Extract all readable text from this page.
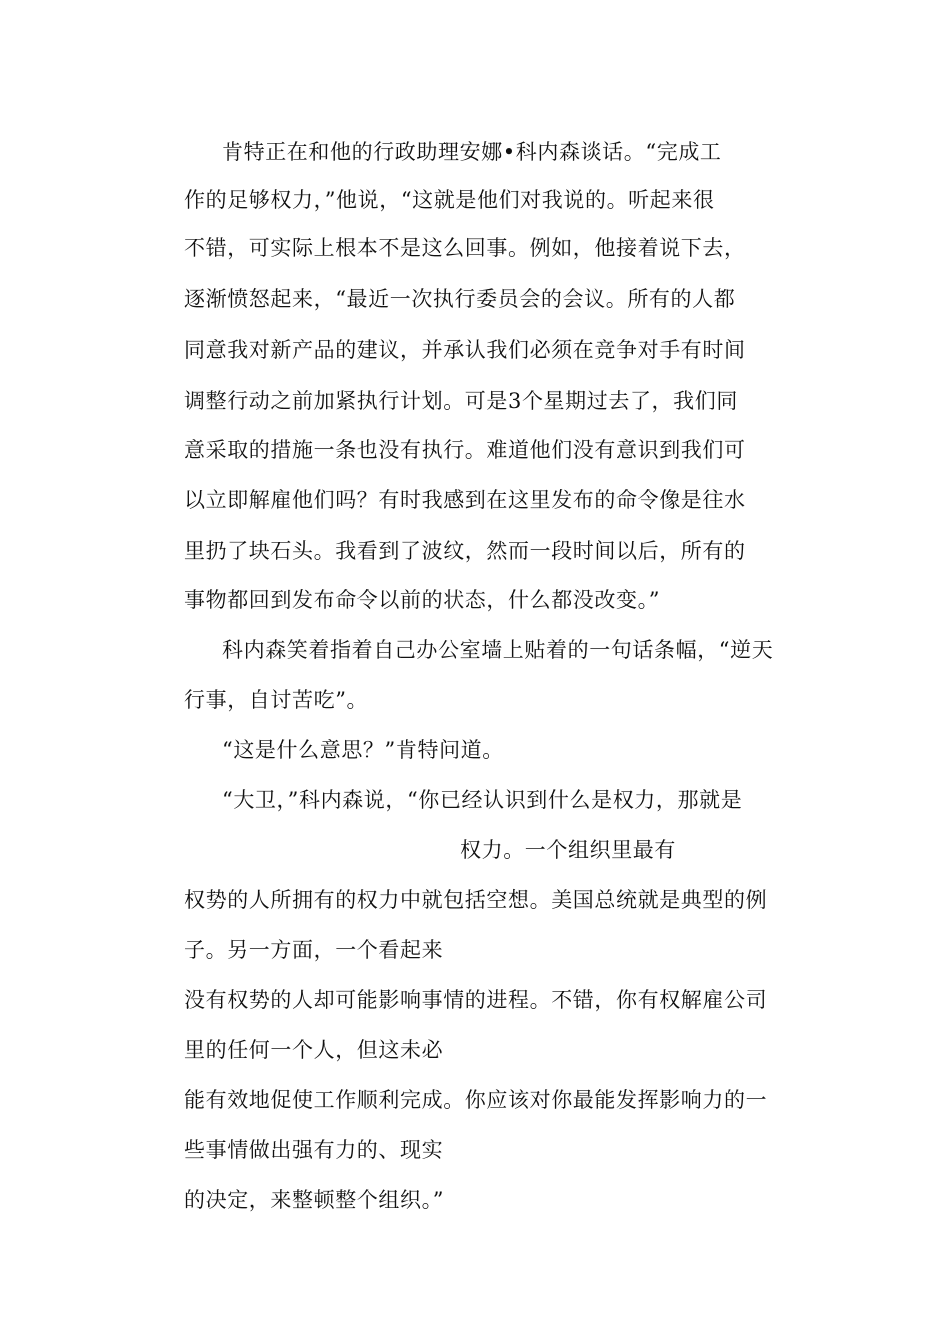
肯特正在和他的行政助理安娜•科内森谈话。“完成工
作的足够权力，”他说，“这就是他们对我说的。听起来很
不错，可实际上根本不是这么回事。例如，他接着说下去，
逐渐愤怒起来，“最近一次执行委员会的会议。所有的人都
同意我对新产品的建议，并承认我们必须在竞争对手有时间
调整行动之前加紧执行计划。可是3个星期过去了，我们同
意采取的措施一条也没有执行。难道他们没有意识到我们可
以立即解雇他们吗？有时我感到在这里发布的命令像是往水
里扔了块石头。我看到了波纹，然而一段时间以后，所有的
事物都回到发布命令以前的状态，什么都没改变。”
科内森笑着指着自己办公室墙上贴着的一句话条幅，“逆天
行事，自讨苦吃”。
“这是什么意思？”肯特问道。
“大卫，”科内森说，“你已经认识到什么是权力，那就是
权力。一个组织里最有
权势的人所拥有的权力中就包括空想。美国总统就是典型的例
子。另一方面，一个看起来
没有权势的人却可能影响事情的进程。不错，你有权解雇公司
里的任何一个人，但这未必
能有效地促使工作顺利完成。你应该对你最能发挥影响力的一
些事情做出强有力的、现实
的决定，来整顿整个组织。”
